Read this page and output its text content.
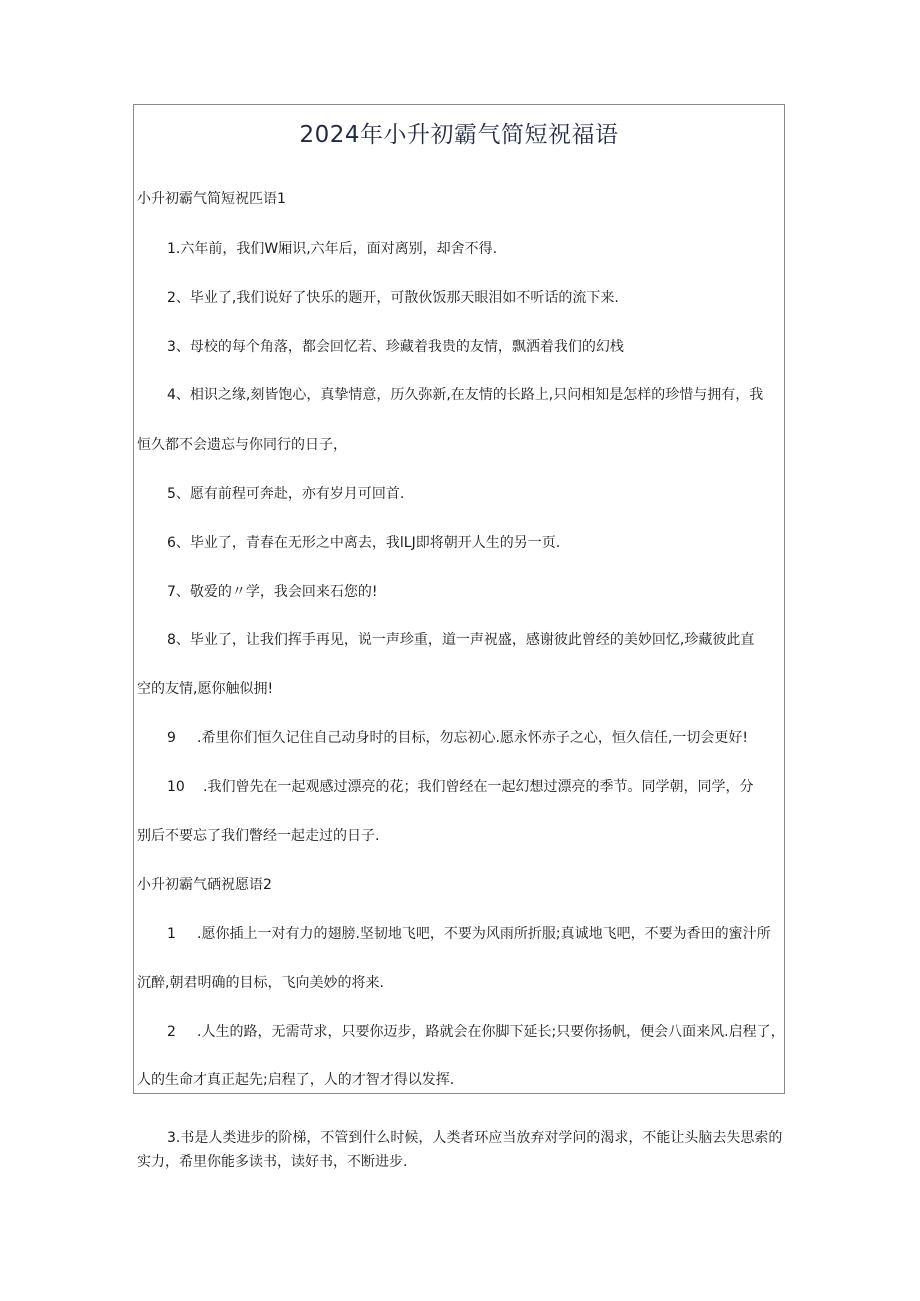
2024年小升初霸气简短祝福语
小升初霸气简短祝匹语1
1.六年前，我们W厢识,六年后，面对离别，却舍不得.
2、毕业了,我们说好了快乐的题开，可散伙饭那天眼泪如不听话的流下来.
3、母校的每个角落，都会回忆若、珍藏着我贵的友情，飘洒着我们的幻栈
4、相识之缘,刻皆饱心，真挚情意，历久弥新,在友情的长路上,只问相知是怎样的珍惜与拥有，我
恒久都不会遗忘与你同行的日子，
5、愿有前程可奔赴，亦有岁月可回首.
6、毕业了，青春在无形之中离去，我lLJ即将朝开人生的另一页.
7、敬爱的〃学，我会回来石您的!
8、毕业了，让我们挥手再见，说一声珍重，道一声祝盛，感谢彼此曾经的美妙回忆,珍藏彼此直
空的友情,愿你触似拥!
9 .希里你们恒久记住自己动身时的目标，勿忘初心.愿永怀赤子之心，恒久信任,一切会更好!
10 .我们曾先在一起观感过漂亮的花；我们曾经在一起幻想过漂亮的季节。同学朝，同学，分
别后不要忘了我们瞥经一起走过的日子.
小升初霸气硒祝愿语2
1 .愿你插上一对有力的翅膀.坚韧地飞吧，不要为风雨所折服;真诚地飞吧，不要为香田的蜜汁所
沉醉,朝君明确的目标，飞向美妙的将来.
2 .人生的路，无需苛求，只要你迈步，路就会在你脚下延长;只要你扬帆，便会八面来风.启程了，
人的生命才真正起先;启程了，人的才智才得以发挥.
3.书是人类进步的阶梯，不管到什么时候，人类者环应当放弃对学问的渴求，不能让头脑去失思索的实力，希里你能多读书，读好书，不断进步.
